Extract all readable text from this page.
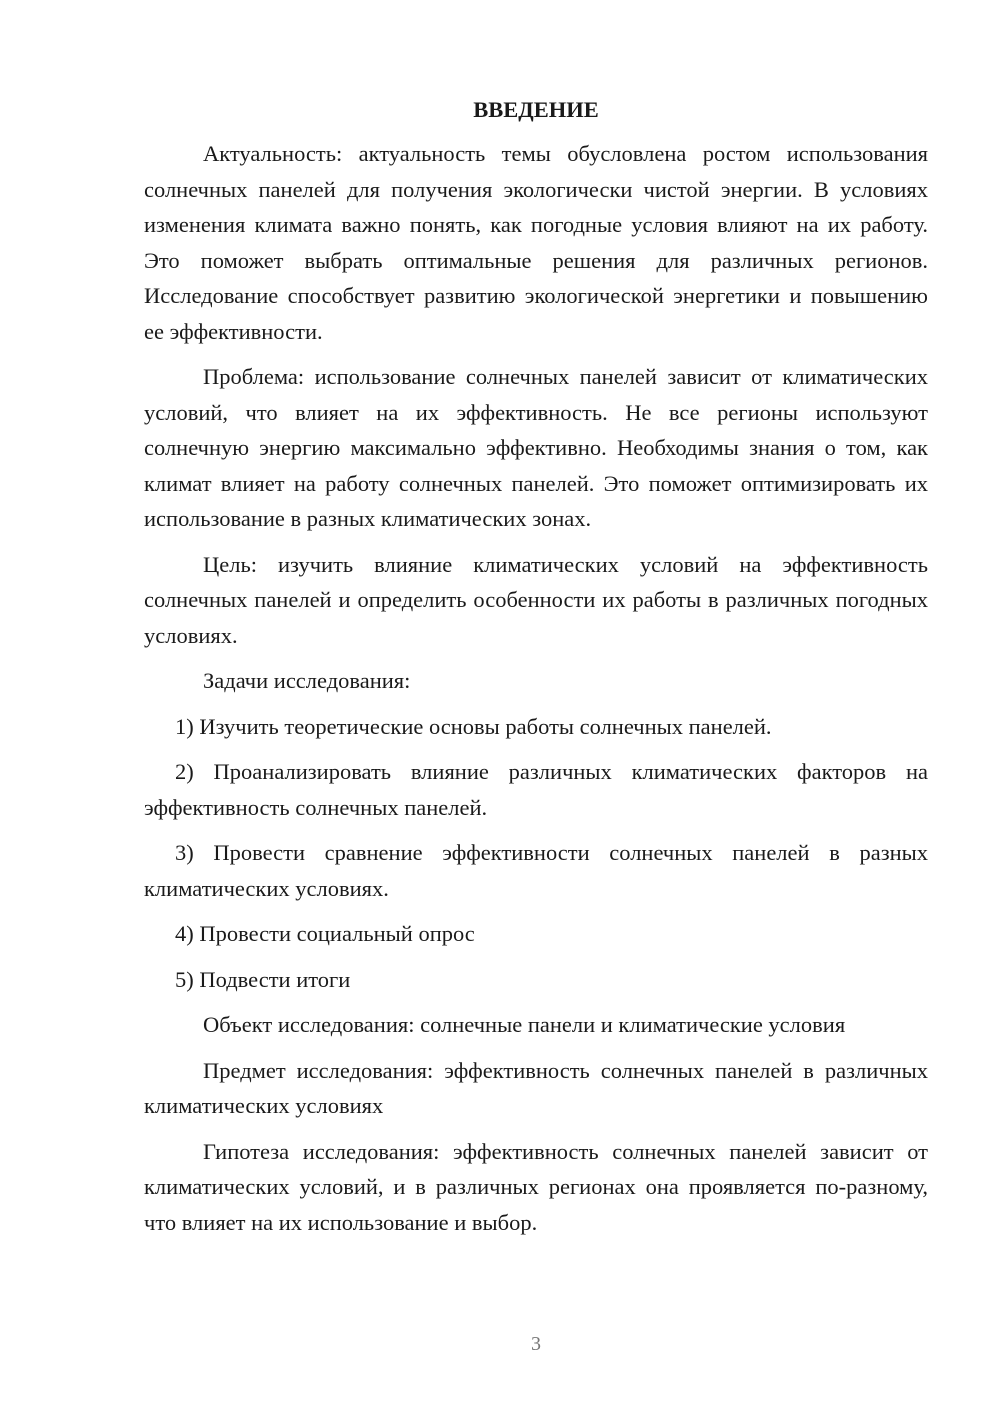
ВВЕДЕНИЕ

Актуальность: актуальность темы обусловлена ростом использования солнечных панелей для получения экологически чистой энергии. В условиях изменения климата важно понять, как погодные условия влияют на их работу. Это поможет выбрать оптимальные решения для различных регионов. Исследование способствует развитию экологической энергетики и повышению ее эффективности.

Проблема: использование солнечных панелей зависит от климатических условий, что влияет на их эффективность. Не все регионы используют солнечную энергию максимально эффективно. Необходимы знания о том, как климат влияет на работу солнечных панелей. Это поможет оптимизировать их использование в разных климатических зонах.

Цель: изучить влияние климатических условий на эффективность солнечных панелей и определить особенности их работы в различных погодных условиях.

Задачи исследования:

1) Изучить теоретические основы работы солнечных панелей.

2) Проанализировать влияние различных климатических факторов на эффективность солнечных панелей.

3) Провести сравнение эффективности солнечных панелей в разных климатических условиях.

4) Провести социальный опрос

5) Подвести итоги

Объект исследования: солнечные панели и климатические условия

Предмет исследования: эффективность солнечных панелей в различных климатических условиях

Гипотеза исследования: эффективность солнечных панелей зависит от климатических условий, и в различных регионах она проявляется по-разному, что влияет на их использование и выбор.

3
